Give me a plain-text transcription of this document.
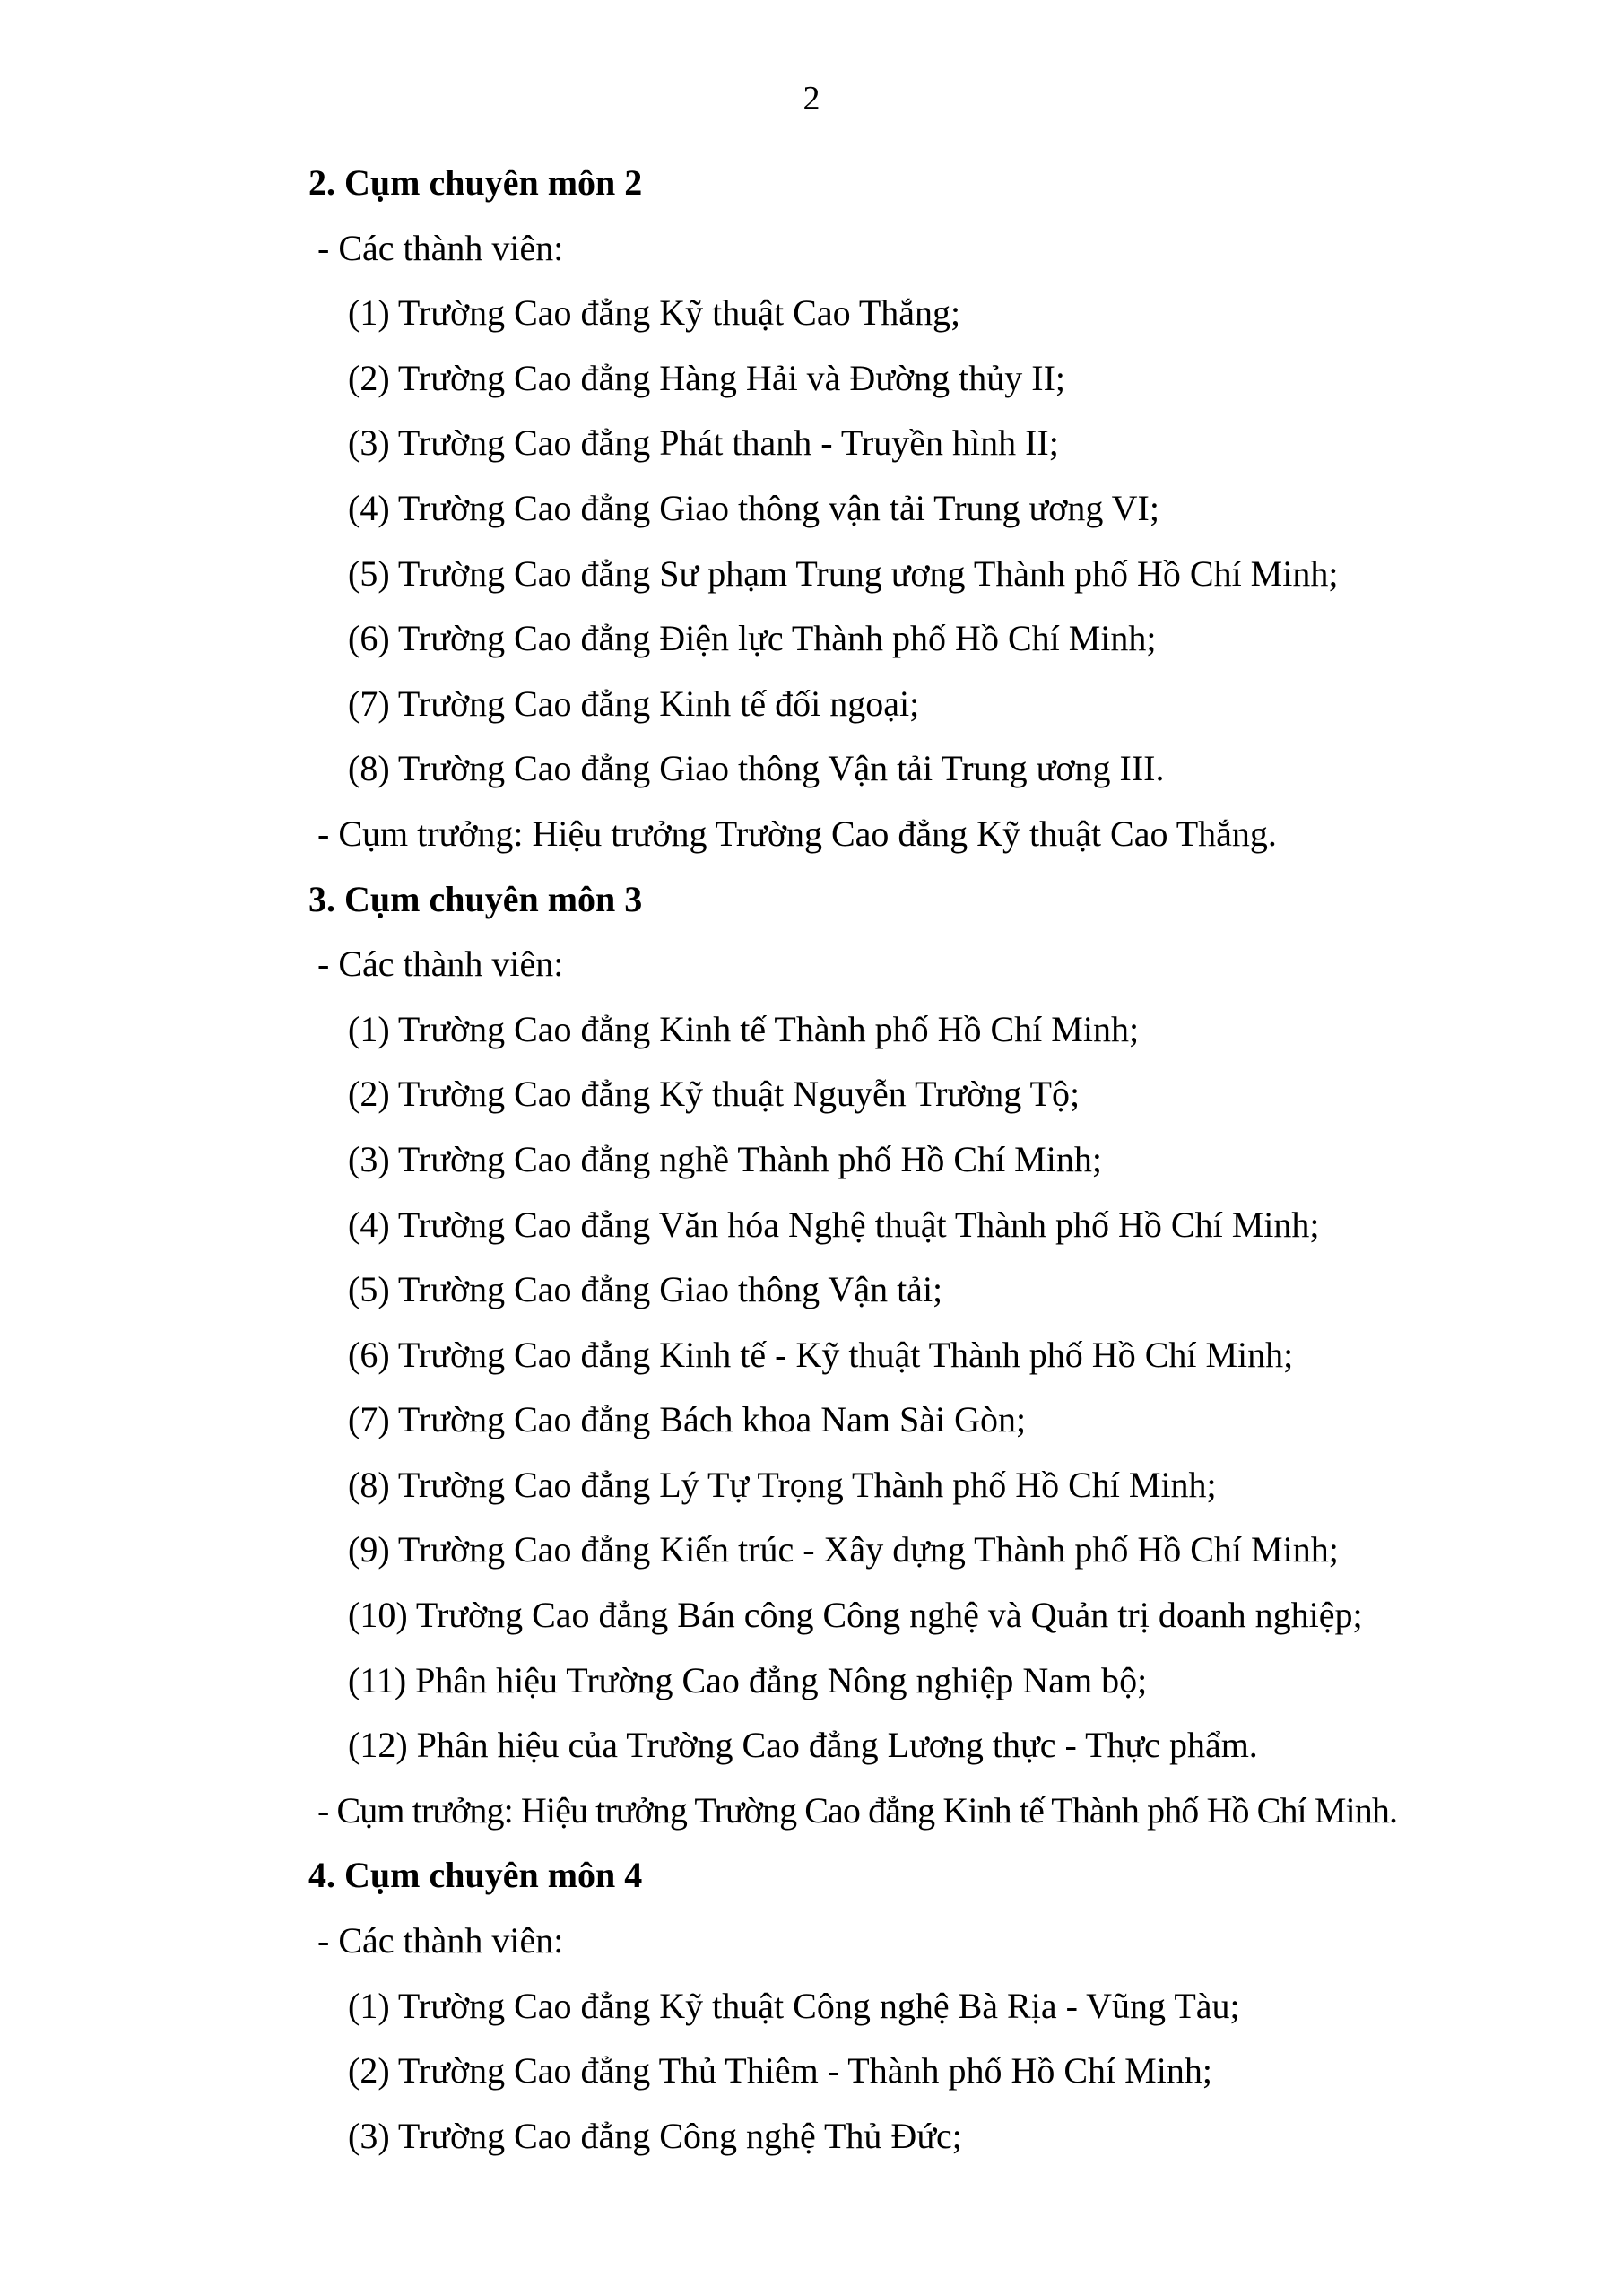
2
2. Cụm chuyên môn 2
- Các thành viên:
(1) Trường Cao đẳng Kỹ thuật Cao Thắng;
(2) Trường Cao đẳng Hàng Hải và Đường thủy II;
(3) Trường Cao đẳng Phát thanh - Truyền hình II;
(4) Trường Cao đẳng Giao thông vận tải Trung ương VI;
(5) Trường Cao đẳng Sư phạm Trung ương Thành phố Hồ Chí Minh;
(6) Trường Cao đẳng Điện lực Thành phố Hồ Chí Minh;
(7) Trường Cao đẳng Kinh tế đối ngoại;
(8) Trường Cao đẳng Giao thông Vận tải Trung ương III.
- Cụm trưởng: Hiệu trưởng Trường Cao đẳng Kỹ thuật Cao Thắng.
3. Cụm chuyên môn 3
- Các thành viên:
(1) Trường Cao đẳng Kinh tế Thành phố Hồ Chí Minh;
(2) Trường Cao đẳng Kỹ thuật Nguyễn Trường Tộ;
(3) Trường Cao đẳng nghề Thành phố Hồ Chí Minh;
(4) Trường Cao đẳng Văn hóa Nghệ thuật Thành phố Hồ Chí Minh;
(5) Trường Cao đẳng Giao thông Vận tải;
(6) Trường Cao đẳng Kinh tế - Kỹ thuật Thành phố Hồ Chí Minh;
(7) Trường Cao đẳng Bách khoa Nam Sài Gòn;
(8) Trường Cao đẳng Lý Tự Trọng Thành phố Hồ Chí Minh;
(9) Trường Cao đẳng Kiến trúc - Xây dựng Thành phố Hồ Chí Minh;
(10) Trường Cao đẳng Bán công Công nghệ và Quản trị doanh nghiệp;
(11) Phân hiệu Trường Cao đẳng Nông nghiệp Nam bộ;
(12) Phân hiệu của Trường Cao đẳng Lương thực - Thực phẩm.
- Cụm trưởng: Hiệu trưởng Trường Cao đẳng Kinh tế Thành phố Hồ Chí Minh.
4. Cụm chuyên môn 4
- Các thành viên:
(1) Trường Cao đẳng Kỹ thuật Công nghệ Bà Rịa - Vũng Tàu;
(2) Trường Cao đẳng Thủ Thiêm - Thành phố Hồ Chí Minh;
(3) Trường Cao đẳng Công nghệ Thủ Đức;
